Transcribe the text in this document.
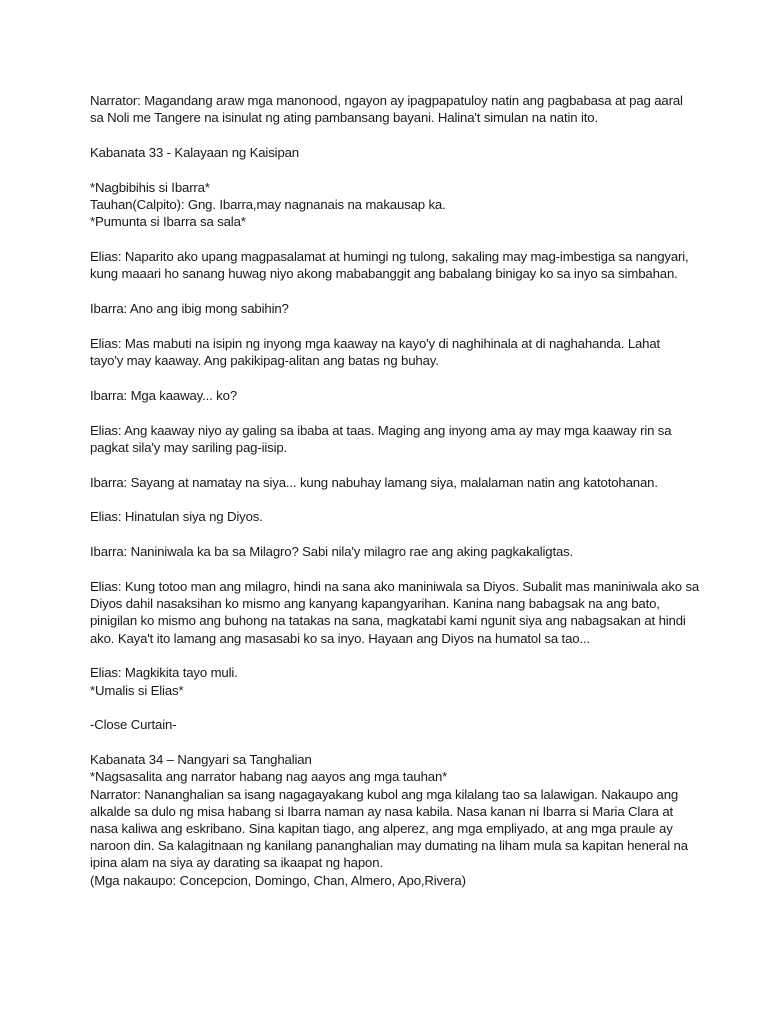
Narrator: Magandang araw mga manonood, ngayon ay ipagpapatuloy natin ang pagbabasa at pag aaral
sa Noli me Tangere na isinulat ng ating pambansang bayani. Halina't simulan na natin ito.

Kabanata 33 - Kalayaan ng Kaisipan

*Nagbibihis si Ibarra*
Tauhan(Calpito): Gng. Ibarra,may nagnanais na makausap ka.
*Pumunta si Ibarra sa sala*

Elias: Naparito ako upang magpasalamat at humingi ng tulong, sakaling may mag-imbestiga sa nangyari,
kung maaari ho sanang huwag niyo akong mababanggit ang babalang binigay ko sa inyo sa simbahan.

Ibarra: Ano ang ibig mong sabihin?

Elias: Mas mabuti na isipin ng inyong mga kaaway na kayo'y di naghihinala at di naghahanda. Lahat
tayo'y may kaaway. Ang pakikipag-alitan ang batas ng buhay.

Ibarra: Mga kaaway... ko?

Elias: Ang kaaway niyo ay galing sa ibaba at taas. Maging ang inyong ama ay may mga kaaway rin sa
pagkat sila'y may sariling pag-iisip.

Ibarra: Sayang at namatay na siya... kung nabuhay lamang siya, malalaman natin ang katotohanan.

Elias: Hinatulan siya ng Diyos.

Ibarra: Naniniwala ka ba sa Milagro? Sabi nila'y milagro rae ang aking pagkakaligtas.

Elias: Kung totoo man ang milagro, hindi na sana ako maniniwala sa Diyos. Subalit mas maniniwala ako sa
Diyos dahil nasaksihan ko mismo ang kanyang kapangyarihan. Kanina nang babagsak na ang bato,
pinigilan ko mismo ang buhong na tatakas na sana, magkatabi kami ngunit siya ang nabagsakan at hindi
ako. Kaya't ito lamang ang masasabi ko sa inyo. Hayaan ang Diyos na humatol sa tao...

Elias: Magkikita tayo muli.
*Umalis si Elias*

-Close Curtain-

Kabanata 34 – Nangyari sa Tanghalian
*Nagsasalita ang narrator habang nag aayos ang mga tauhan*
Narrator: Nananghalian sa isang nagagayakang kubol ang mga kilalang tao sa lalawigan. Nakaupo ang
alkalde sa dulo ng misa habang si Ibarra naman ay nasa kabila. Nasa kanan ni Ibarra si Maria Clara at
nasa kaliwa ang eskribano. Sina kapitan tiago, ang alperez, ang mga empliyado, at ang mga praule ay
naroon din. Sa kalagitnaan ng kanilang pananghalian may dumating na liham mula sa kapitan heneral na
ipina alam na siya ay darating sa ikaapat ng hapon.
(Mga nakaupo: Concepcion, Domingo, Chan, Almero, Apo,Rivera)
